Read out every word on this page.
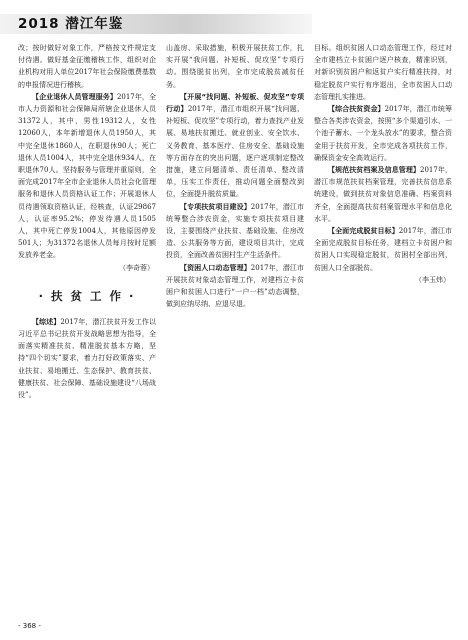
2018 潜江年鉴

改；按时做好对象工作，严格按文件规定支付待遇。做好基金征缴稽核工作，组织对企业机构对用人单位2017年社会保险缴费基数的申报情况进行稽核。

【企业退休人员管理服务】2017年，全市人力资源和社会保障局所辖企业退休人员31372人，其中，男性19312人，女性12060人，本年新增退休人员1950人，其中完全退休1860人，在职退休90人；死亡退休人员1004人，其中完全退休934人，在职退休70人。坚持服务与管理并重原则，全面完成2017年全市企业退休人员社会化管理服务和退休人员资格认证工作；开展退休人员待遇领取资格认证，经核查，认证29867人，认证率95.2%；停发待遇人员1505人，其中死亡停发1004人，其他原因停发501人；为31372名退休人员每月按时足额发放养老金。

（李奇蓉）

· 扶 贫 工 作 ·

【综述】2017年，潜江扶贫开发工作以习近平总书记扶贫开发战略思想为指导，全面落实精准扶贫、精准脱贫基本方略，坚持“四个切实”要求，着力打好政策落实、产业扶贫、易地搬迁、生态保护、教育扶贫、健康扶贫、社会保障、基础设施建设“八场战役”。

山盖房、采取措施，积极开展扶贫工作，扎实开展“我问题、补短板、促攻坚”专项行动。围绕脱贫出列，全市完成脱贫减贫任务。

【开展“找问题、补短板、促攻坚”专项行动】2017年，潜江市组织开展“找问题、补短板、促攻坚”专项行动，着力查找产业发展、易地扶贫搬迁、就业创业、安全饮水、义务教育、基本医疗、住房安全、基础设施等方面存在的突出问题，逐户逐项制定整改措施，建立问题清单、责任清单、整改清单，压实工作责任，推动问题全面整改到位，全面提升脱贫质量。

【专项扶贫项目建设】2017年，潜江市统筹整合涉农资金，实施专项扶贫项目建设，主要围绕产业扶贫、基础设施、住房改造、公共服务等方面，建设项目共计，完成投资，全面改善贫困村生产生活条件。

【资困人口动态管理】2017年，潜江市开展扶贫对象动态管理工作，对建档立卡贫困户和贫困人口进行“一户一档”动态调整，做到应纳尽纳、应退尽退。

目标。组织贫困人口动态管理工作，经过对全市建档立卡贫困户逐户核查，精准识别，对新识别贫困户和返贫户实行精准扶持，对稳定脱贫户实行有序退出，全市贫困人口动态管理扎实推进。

【综合扶贫资金】2017年，潜江市统筹整合各类涉农资金，按照“多个渠道引水、一个池子蓄水、一个龙头放水”的要求，整合资金用于扶贫开发，全市完成各项扶贫工作，确保资金安全高效运行。

【规范扶贫档案及信息管理】2017年，潜江市规范扶贫档案管理，完善扶贫信息系统建设，做到扶贫对象信息准确、档案资料齐全，全面提高扶贫档案管理水平和信息化水平。

【全面完成脱贫目标】2017年，潜江市全面完成脱贫目标任务，建档立卡贫困户和贫困人口实现稳定脱贫，贫困村全部出列，贫困人口全部脱贫。

（李玉炜）

- 368 -
